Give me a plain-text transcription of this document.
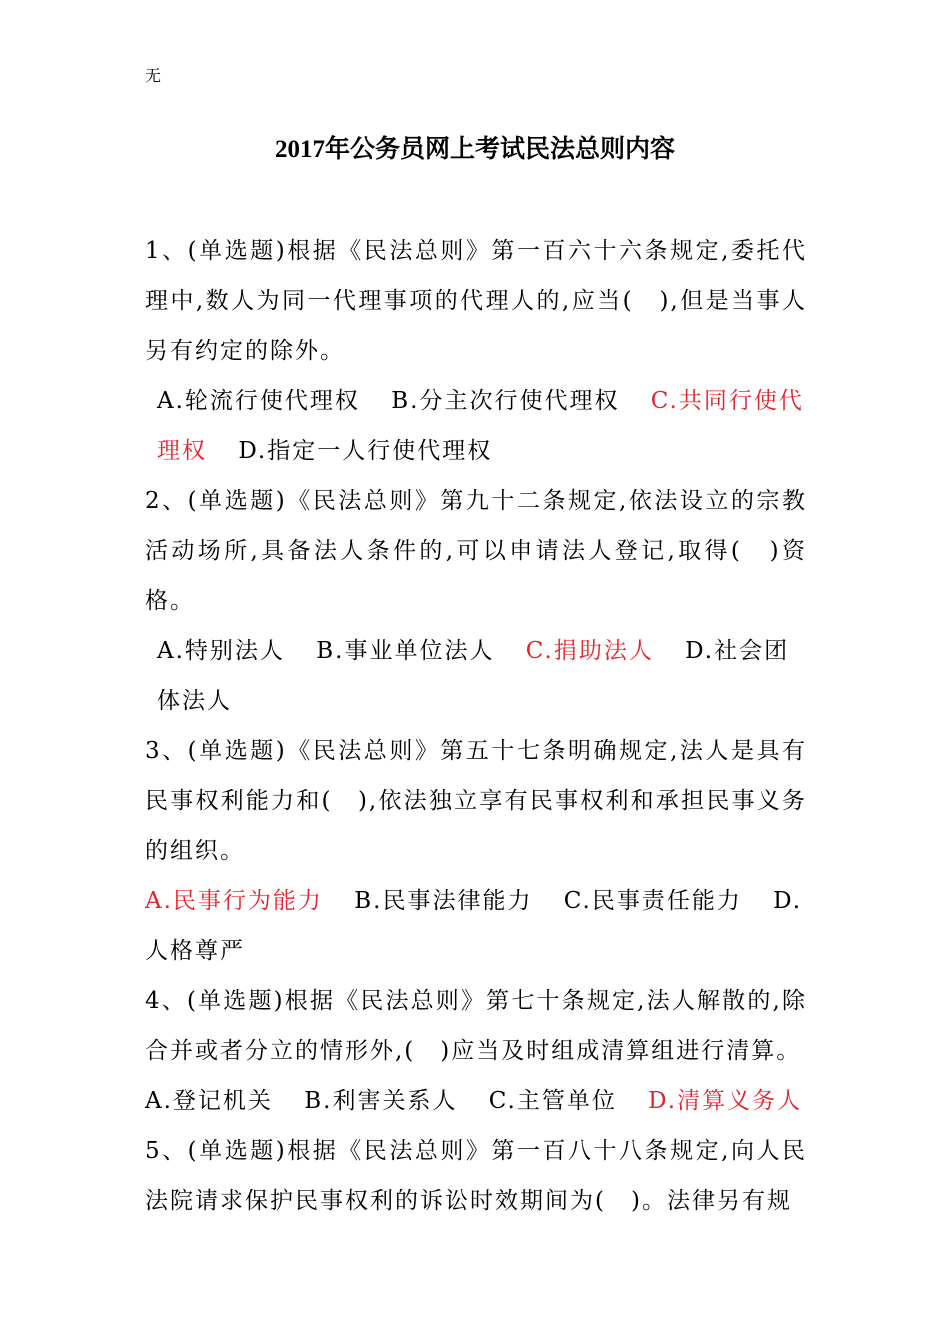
无
2017年公务员网上考试民法总则内容

1、(单选题)根据《民法总则》第一百六十六条规定,委托代理中,数人为同一代理事项的代理人的,应当(　),但是当事人另有约定的除外。

A.轮流行使代理权 B.分主次行使代理权 C.共同行使代理权 D.指定一人行使代理权

2、(单选题)《民法总则》第九十二条规定,依法设立的宗教活动场所,具备法人条件的,可以申请法人登记,取得(　)资格。

A.特别法人 B.事业单位法人 C.捐助法人 D.社会团体法人

3、(单选题)《民法总则》第五十七条明确规定,法人是具有民事权利能力和(　),依法独立享有民事权利和承担民事义务的组织。

A.民事行为能力 B.民事法律能力 C.民事责任能力 D.人格尊严

4、(单选题)根据《民法总则》第七十条规定,法人解散的,除合并或者分立的情形外,(　)应当及时组成清算组进行清算。

A.登记机关 B.利害关系人 C.主管单位 D.清算义务人

5、(单选题)根据《民法总则》第一百八十八条规定,向人民法院请求保护民事权利的诉讼时效期间为(　)。法律另有规
